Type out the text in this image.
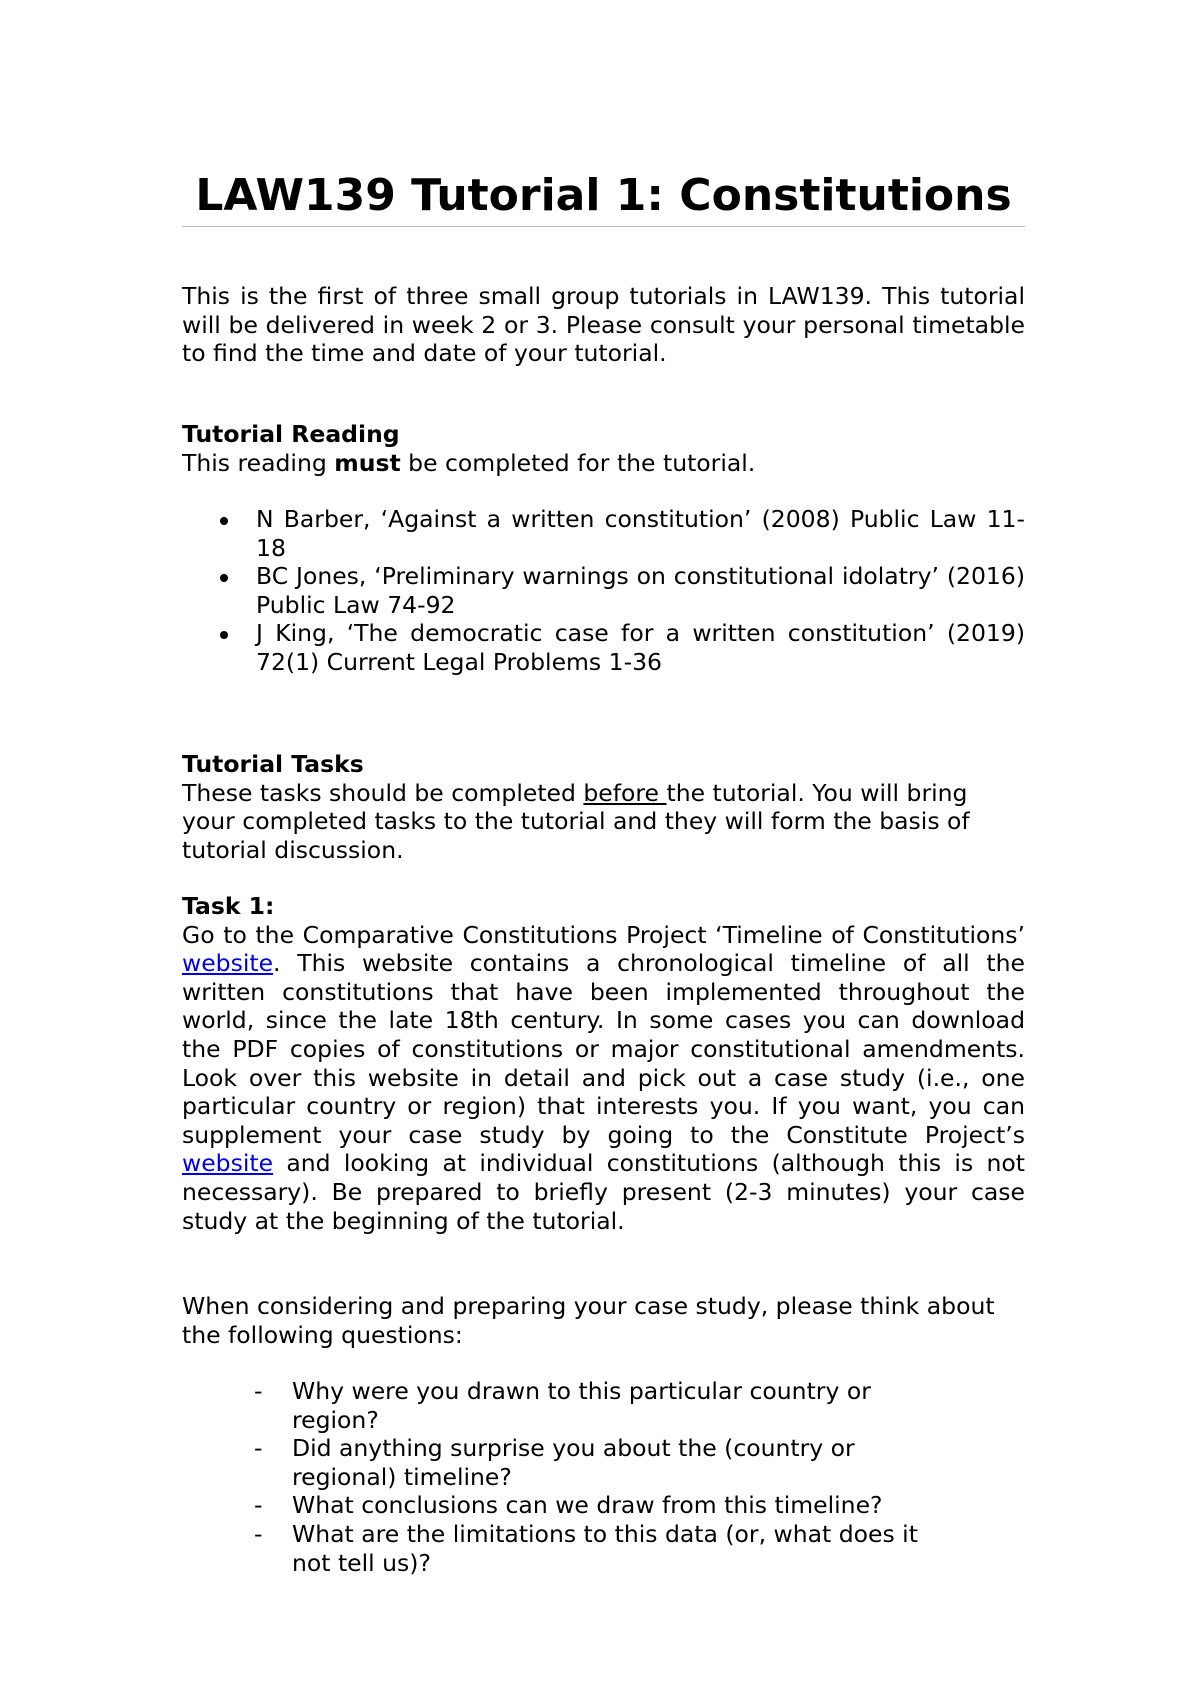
LAW139 Tutorial 1: Constitutions

This is the first of three small group tutorials in LAW139. This tutorial will be delivered in week 2 or 3. Please consult your personal timetable to find the time and date of your tutorial.

Tutorial Reading

This reading must be completed for the tutorial.

N Barber, ‘Against a written constitution’ (2008) Public Law 11-18
BC Jones, ‘Preliminary warnings on constitutional idolatry’ (2016) Public Law 74-92
J King, ‘The democratic case for a written constitution’ (2019) 72(1) Current Legal Problems 1-36

Tutorial Tasks

These tasks should be completed before the tutorial. You will bring your completed tasks to the tutorial and they will form the basis of tutorial discussion.

Task 1:

Go to the Comparative Constitutions Project ‘Timeline of Constitutions’ website. This website contains a chronological timeline of all the written constitutions that have been implemented throughout the world, since the late 18th century. In some cases you can download the PDF copies of constitutions or major constitutional amendments. Look over this website in detail and pick out a case study (i.e., one particular country or region) that interests you. If you want, you can supplement your case study by going to the Constitute Project’s website and looking at individual constitutions (although this is not necessary). Be prepared to briefly present (2-3 minutes) your case study at the beginning of the tutorial.

When considering and preparing your case study, please think about the following questions:

- Why were you drawn to this particular country or region?
- Did anything surprise you about the (country or regional) timeline?
- What conclusions can we draw from this timeline?
- What are the limitations to this data (or, what does it not tell us)?
